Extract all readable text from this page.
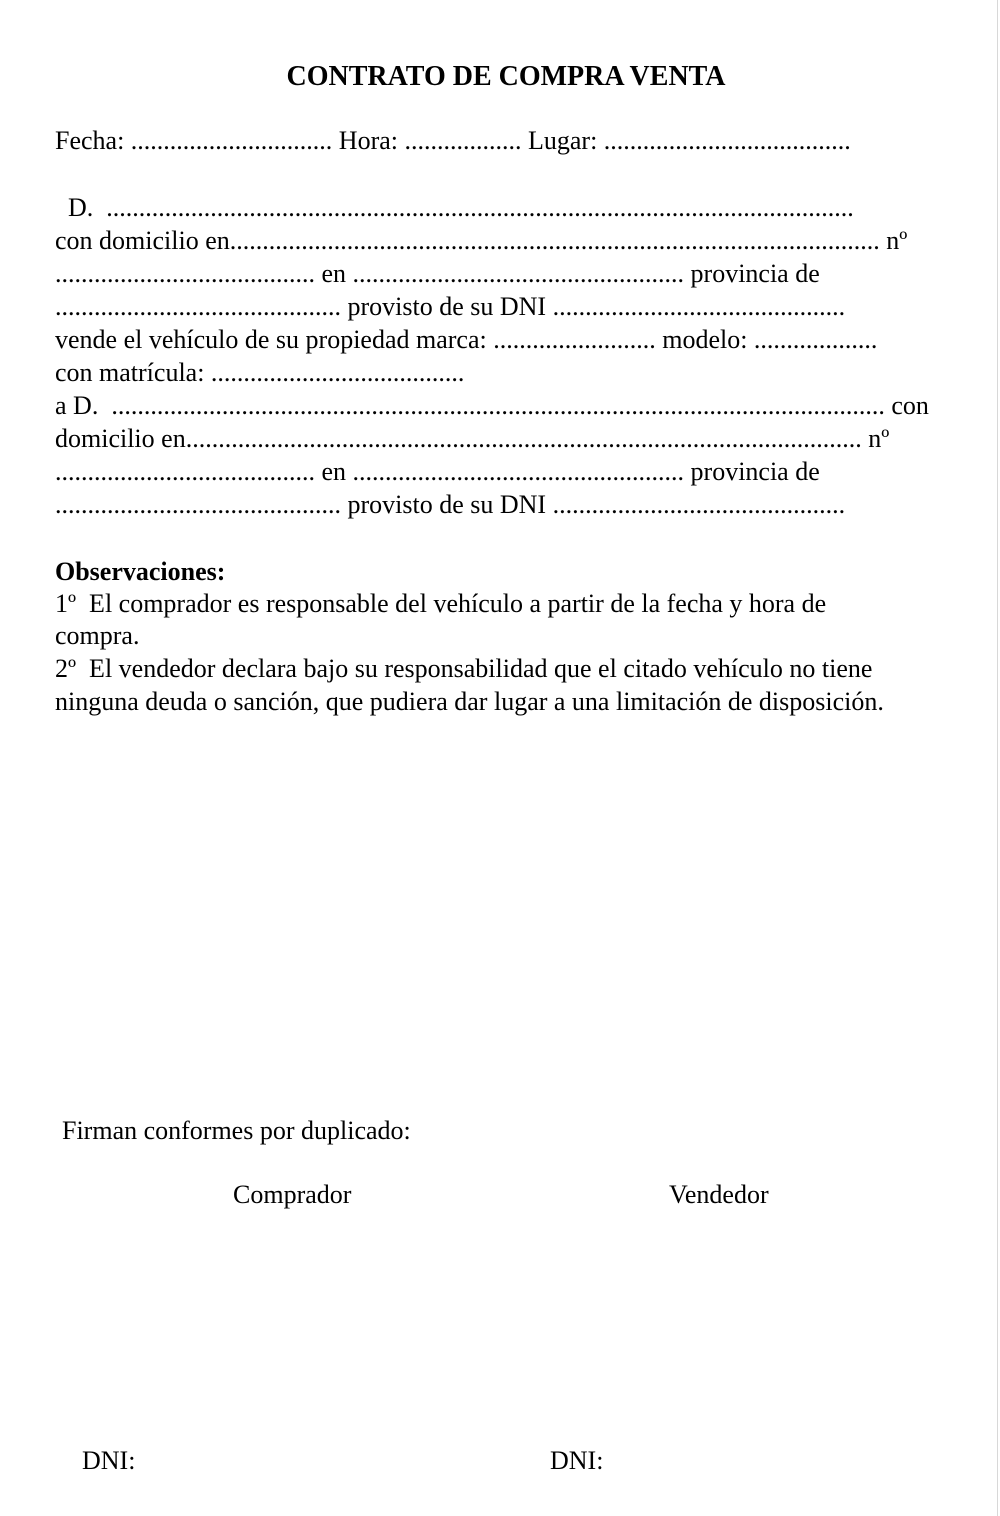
CONTRATO DE COMPRA VENTA

Fecha: ............................... Hora: .................. Lugar: ......................................

D.  ...................................................................................................................

con domicilio en.................................................................................................... nº

........................................ en ................................................... provincia de

............................................ provisto de su DNI .............................................

vende el vehículo de su propiedad marca: ......................... modelo: ...................

con matrícula: .......................................

a D.  ....................................................................................................................... con

domicilio en........................................................................................................ nº

........................................ en ................................................... provincia de

............................................ provisto de su DNI .............................................

Observaciones:

1º  El comprador es responsable del vehículo a partir de la fecha y hora de

compra.

2º  El vendedor declara bajo su responsabilidad que el citado vehículo no tiene

ninguna deuda o sanción, que pudiera dar lugar a una limitación de disposición.

Firman conformes por duplicado:

Comprador	Vendedor

DNI:	DNI:
